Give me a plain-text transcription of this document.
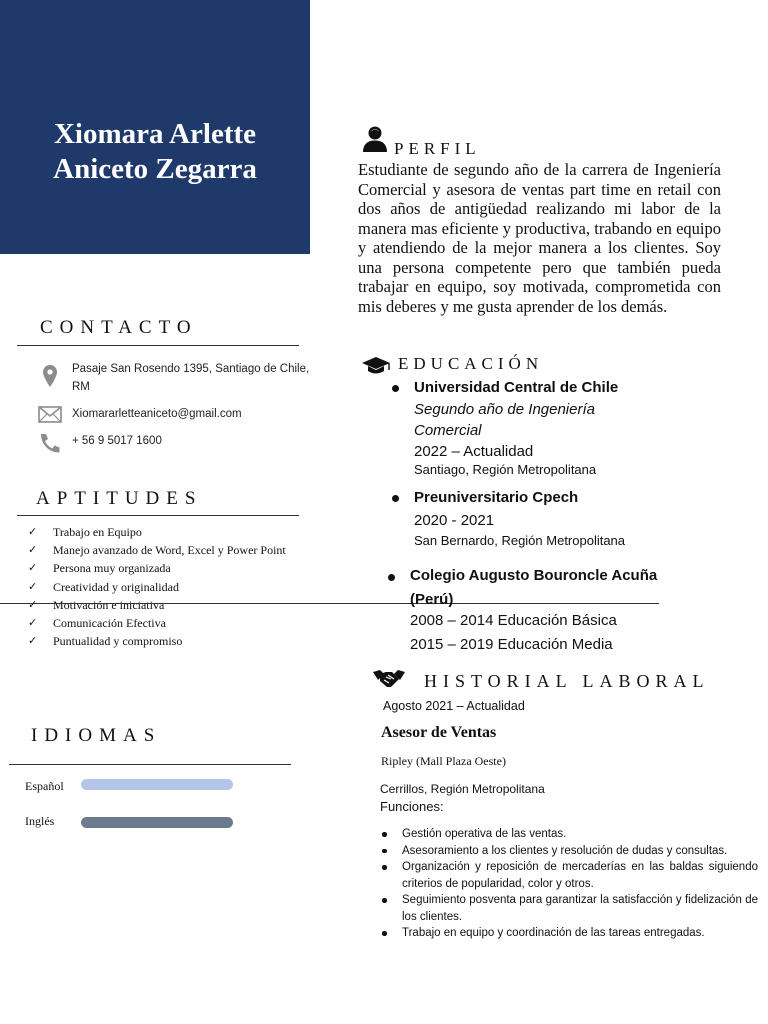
Xiomara Arlette
Aniceto Zegarra
CONTACTO
Pasaje San Rosendo 1395, Santiago de Chile,
RM
Xiomararletteaniceto@gmail.com
+ 56 9 5017 1600
APTITUDES
✓ Trabajo en Equipo
✓ Manejo avanzado de Word, Excel y Power Point
✓ Persona muy organizada
✓ Creatividad y originalidad
✓ Motivación e iniciativa
✓ Comunicación Efectiva
✓ Puntualidad y compromiso
IDIOMAS
Español
Inglés
PERFIL
Estudiante de segundo año de la carrera de Ingeniería Comercial y asesora de ventas part time en retail con dos años de antigüedad realizando mi labor de la manera mas eficiente y productiva, trabando en equipo y atendiendo de la mejor manera a los clientes. Soy una persona competente pero que también pueda trabajar en equipo, soy motivada, comprometida con mis deberes y me gusta aprender de los demás.
EDUCACIÓN
Universidad Central de Chile
Segundo año de Ingeniería
Comercial
2022 – Actualidad
Santiago, Región Metropolitana
Preuniversitario Cpech
2020 - 2021
San Bernardo, Región Metropolitana
Colegio Augusto Bouroncle Acuña
(Perú)
2008 – 2014 Educación Básica
2015 – 2019 Educación Media
HISTORIAL LABORAL
Agosto 2021 – Actualidad
Asesor de Ventas
Ripley (Mall Plaza Oeste)
Cerrillos, Región Metropolitana
Funciones:
Gestión operativa de las ventas.
Asesoramiento a los clientes y resolución de dudas y consultas.
Organización y reposición de mercaderías en las baldas siguiendo criterios de popularidad, color y otros.
Seguimiento posventa para garantizar la satisfacción y fidelización de los clientes.
Trabajo en equipo y coordinación de las tareas entregadas.
